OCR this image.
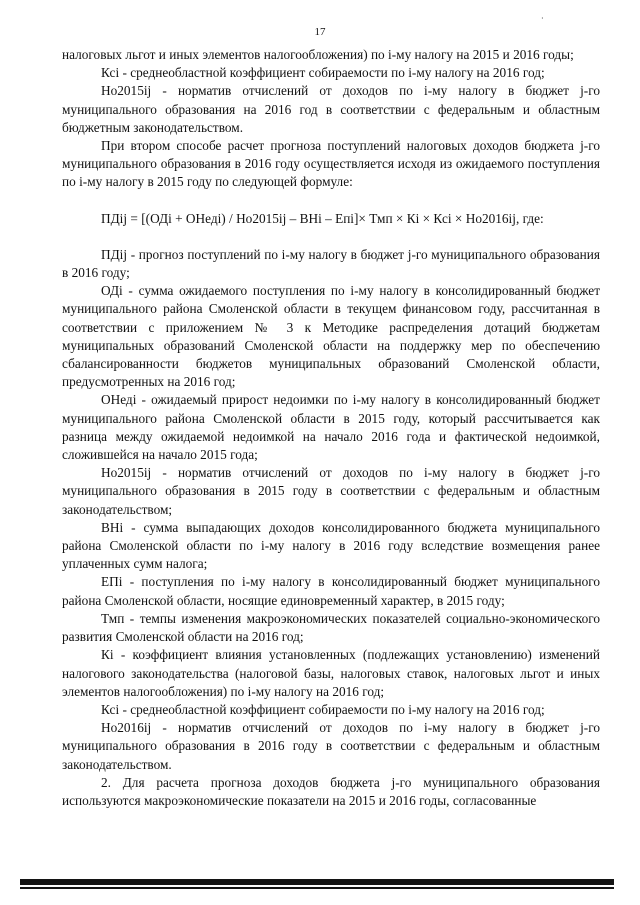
17
·

налоговых льгот и иных элементов налогообложения) по i-му налогу на 2015 и 2016 годы;

Ксi - среднеобластной коэффициент собираемости по i-му налогу на 2016 год;

Но2015ij - норматив отчислений от доходов по i-му налогу в бюджет j-го муниципального образования на 2016 год в соответствии с федеральным и областным бюджетным законодательством.

При втором способе расчет прогноза поступлений налоговых доходов бюджета j-го муниципального образования в 2016 году осуществляется исходя из ожидаемого поступления по i-му налогу в 2015 году по следующей формуле:

ПДij = [(ОДi + ОНедi) / Но2015ij – ВНi – Епi]× Тмп × Кi × Ксi × Но2016ij, где:

ПДij - прогноз поступлений по i-му налогу в бюджет j-го муниципального образования в 2016 году;

ОДi - сумма ожидаемого поступления по i-му налогу в консолидированный бюджет муниципального района Смоленской области в текущем финансовом году, рассчитанная в соответствии с приложением № 3 к Методике распределения дотаций бюджетам муниципальных образований Смоленской области на поддержку мер по обеспечению сбалансированности бюджетов муниципальных образований Смоленской области, предусмотренных на 2016 год;

ОНедi - ожидаемый прирост недоимки по i-му налогу в консолидированный бюджет муниципального района Смоленской области в 2015 году, который рассчитывается как разница между ожидаемой недоимкой на начало 2016 года и фактической недоимкой, сложившейся на начало 2015 года;

Но2015ij - норматив отчислений от доходов по i-му налогу в бюджет j-го муниципального образования в 2015 году в соответствии с федеральным и областным законодательством;

ВНi - сумма выпадающих доходов консолидированного бюджета муниципального района Смоленской области по i-му налогу в 2016 году вследствие возмещения ранее уплаченных сумм налога;

ЕПi - поступления по i-му налогу в консолидированный бюджет муниципального района Смоленской области, носящие единовременный характер, в 2015 году;

Тмп - темпы изменения макроэкономических показателей социально-экономического развития Смоленской области на 2016 год;

Кi - коэффициент влияния установленных (подлежащих установлению) изменений налогового законодательства (налоговой базы, налоговых ставок, налоговых льгот и иных элементов налогообложения) по i-му налогу на 2016 год;

Ксi - среднеобластной коэффициент собираемости по i-му налогу на 2016 год;

Но2016ij - норматив отчислений от доходов по i-му налогу в бюджет j-го муниципального образования в 2016 году в соответствии с федеральным и областным законодательством.

2. Для расчета прогноза доходов бюджета j-го муниципального образования используются макроэкономические показатели на 2015 и 2016 годы, согласованные
